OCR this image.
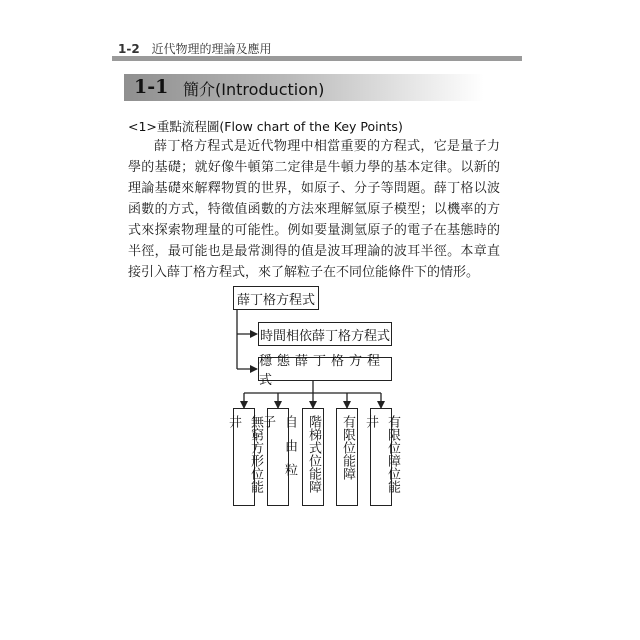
1-2 近代物理的理論及應用
1-1 簡介(Introduction)
<1>重點流程圖(Flow chart of the Key Points)
薛丁格方程式是近代物理中相當重要的方程式，它是量子力學的基礎；就好像牛頓第二定律是牛頓力學的基本定律。以新的理論基礎來解釋物質的世界，如原子、分子等問題。薛丁格以波函數的方式，特徵值函數的方法來理解氫原子模型；以機率的方式來探索物理量的可能性。例如要量測氫原子的電子在基態時的半徑，最可能也是最常測得的值是波耳理論的波耳半徑。本章直接引入薛丁格方程式，來了解粒子在不同位能條件下的情形。
薛丁格方程式
時間相依薛丁格方程式
穩態薛丁格方程式
無窮方形位能井	自由粒子	階梯式位能障	有限位能障	有限位障位能井
